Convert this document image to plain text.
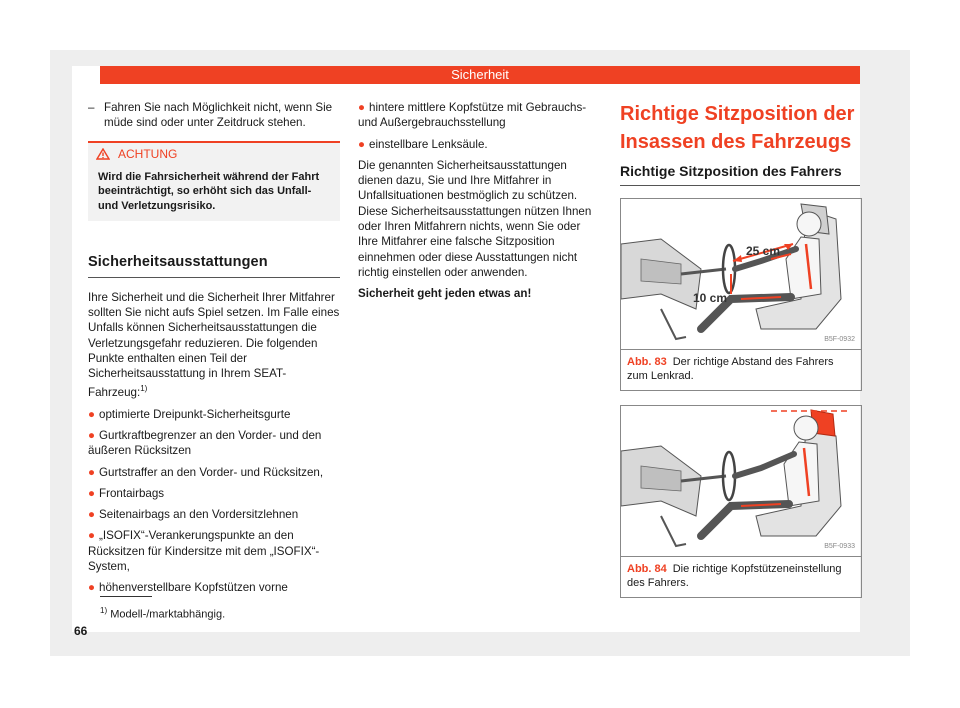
Sicherheit
– Fahren Sie nach Möglichkeit nicht, wenn Sie müde sind oder unter Zeitdruck stehen.
ACHTUNG
Wird die Fahrsicherheit während der Fahrt beeinträchtigt, so erhöht sich das Unfall- und Verletzungsrisiko.
Sicherheitsausstattungen

Ihre Sicherheit und die Sicherheit Ihrer Mitfahrer sollten Sie nicht aufs Spiel setzen. Im Falle eines Unfalls können Sicherheitsausstattungen die Verletzungsgefahr reduzieren. Die folgenden Punkte enthalten einen Teil der Sicherheitsausstattung in Ihrem SEAT-Fahrzeug:$^{1)}$

● optimierte Dreipunkt-Sicherheitsgurte
● Gurtkraftbegrenzer an den Vorder- und den äußeren Rücksitzen
● Gurtstraffer an den Vorder- und Rücksitzen,
● Frontairbags
● Seitenairbags an den Vordersitzlehnen
● „ISOFIX“-Verankerungspunkte an den Rücksitzen für Kindersitze mit dem „ISOFIX“-System,
● höhenverstellbare Kopfstützen vorne
● hintere mittlere Kopfstütze mit Gebrauchs- und Außergebrauchsstellung
● einstellbare Lenksäule.

Die genannten Sicherheitsausstattungen dienen dazu, Sie und Ihre Mitfahrer in Unfallsituationen bestmöglich zu schützen. Diese Sicherheitsausstattungen nützen Ihnen oder Ihren Mitfahrern nichts, wenn Sie oder Ihre Mitfahrer eine falsche Sitzposition einnehmen oder diese Ausstattungen nicht richtig einstellen oder anwenden.

Sicherheit geht jeden etwas an!

Richtige Sitzposition der Insassen des Fahrzeugs
Richtige Sitzposition des Fahrers
25 cm
10 cm
B5F-0932
Abb. 83 Der richtige Abstand des Fahrers zum Lenkrad.
B5F-0933
Abb. 84 Die richtige Kopfstützeneinstellung des Fahrers.
$^{1)}$ Modell-/marktabhängig.
66
